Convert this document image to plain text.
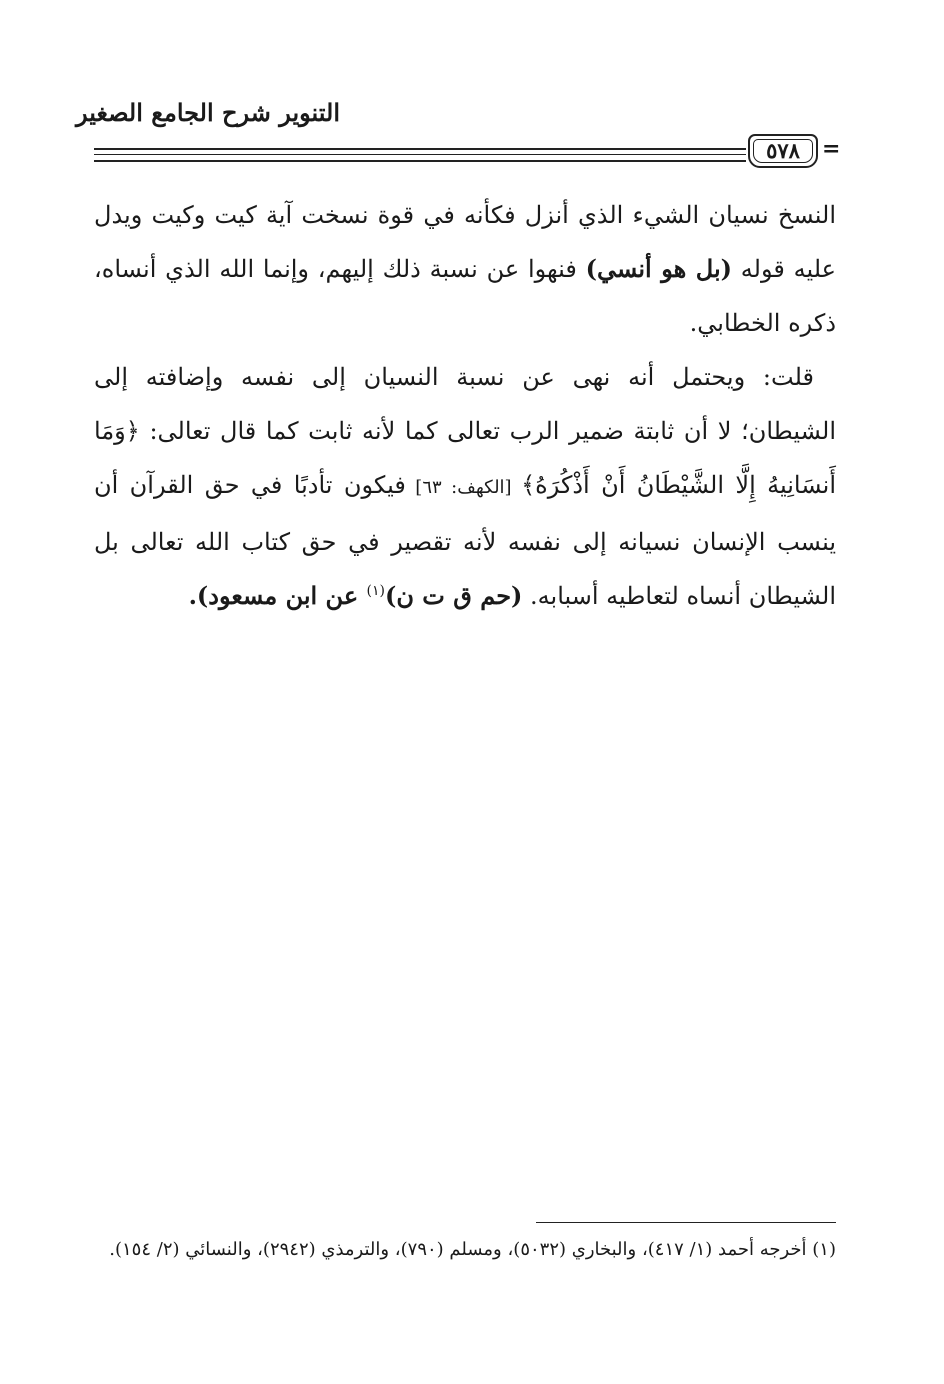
التنوير شرح الجامع الصغير
٥٧٨	=

النسخ نسيان الشيء الذي أنزل فكأنه في قوة نسخت آية كيت وكيت ويدل عليه قوله (بل هو أنسي) فنهوا عن نسبة ذلك إليهم، وإنما الله الذي أنساه، ذكره الخطابي.

قلت: ويحتمل أنه نهى عن نسبة النسيان إلى نفسه وإضافته إلى الشيطان؛ لا أن ثابتة ضمير الرب تعالى كما لأنه ثابت كما قال تعالى: ﴿وَمَا أَنسَانِيهُ إِلَّا الشَّيْطَانُ أَنْ أَذْكُرَهُ﴾ [الكهف: ٦٣] فيكون تأدبًا في حق القرآن أن ينسب الإنسان نسيانه إلى نفسه لأنه تقصير في حق كتاب الله تعالى بل الشيطان أنساه لتعاطيه أسبابه. (حم ق ت ن)$^{(١)}$ عن ابن مسعود).

(١) أخرجه أحمد (١/ ٤١٧)، والبخاري (٥٠٣٢)، ومسلم (٧٩٠)، والترمذي (٢٩٤٢)، والنسائي (٢/ ١٥٤).
